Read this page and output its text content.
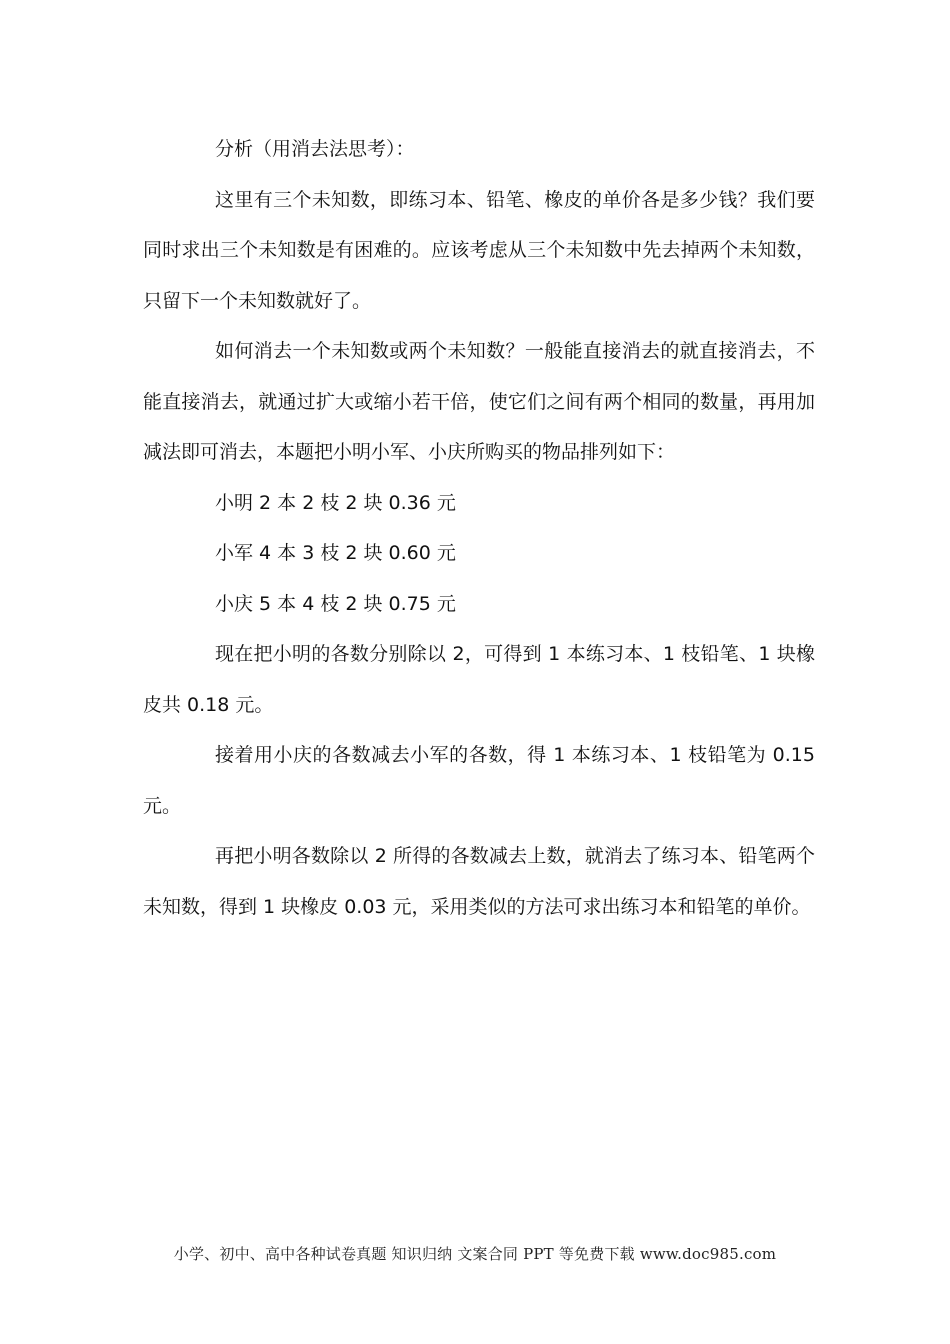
分析（用消去法思考）：

这里有三个未知数，即练习本、铅笔、橡皮的单价各是多少钱？我们要同时求出三个未知数是有困难的。应该考虑从三个未知数中先去掉两个未知数，只留下一个未知数就好了。

如何消去一个未知数或两个未知数？一般能直接消去的就直接消去，不能直接消去，就通过扩大或缩小若干倍，使它们之间有两个相同的数量，再用加减法即可消去，本题把小明小军、小庆所购买的物品排列如下：

小明 2 本 2 枝 2 块 0.36 元

小军 4 本 3 枝 2 块 0.60 元

小庆 5 本 4 枝 2 块 0.75 元

现在把小明的各数分别除以 2，可得到 1 本练习本、1 枝铅笔、1 块橡皮共 0.18 元。

接着用小庆的各数减去小军的各数，得 1 本练习本、1 枝铅笔为 0.15 元。

再把小明各数除以 2 所得的各数减去上数，就消去了练习本、铅笔两个未知数，得到 1 块橡皮 0.03 元，采用类似的方法可求出练习本和铅笔的单价。

小学、初中、高中各种试卷真题 知识归纳 文案合同 PPT 等免费下载 www.doc985.com
